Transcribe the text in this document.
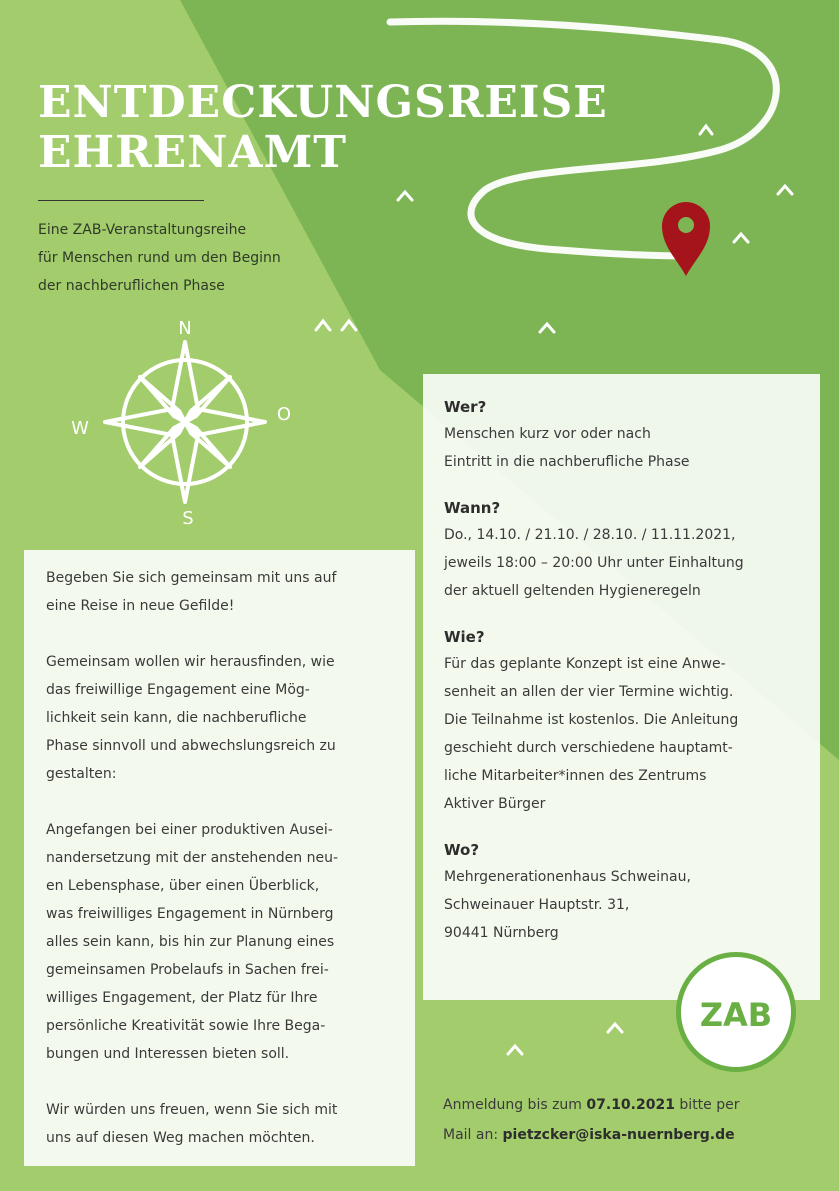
ENTDECKUNGSREISE
EHRENAMT

Eine ZAB-Veranstaltungsreihe
für Menschen rund um den Beginn
der nachberuflichen Phase

N
O
S
W

Begeben Sie sich gemeinsam mit uns auf
eine Reise in neue Gefilde!

Gemeinsam wollen wir herausfinden, wie
das freiwillige Engagement eine Mög-
lichkeit sein kann, die nachberufliche
Phase sinnvoll und abwechslungsreich zu
gestalten:

Angefangen bei einer produktiven Ausei-
nandersetzung mit der anstehenden neu-
en Lebensphase, über einen Überblick,
was freiwilliges Engagement in Nürnberg
alles sein kann, bis hin zur Planung eines
gemeinsamen Probelaufs in Sachen frei-
williges Engagement, der Platz für Ihre
persönliche Kreativität sowie Ihre Bega-
bungen und Interessen bieten soll.

Wir würden uns freuen, wenn Sie sich mit
uns auf diesen Weg machen möchten.

Wer?
Menschen kurz vor oder nach
Eintritt in die nachberufliche Phase
Wann?
Do., 14.10. / 21.10. / 28.10. / 11.11.2021,
jeweils 18:00 – 20:00 Uhr unter Einhaltung
der aktuell geltenden Hygieneregeln
Wie?
Für das geplante Konzept ist eine Anwe-
senheit an allen der vier Termine wichtig.
Die Teilnahme ist kostenlos. Die Anleitung
geschieht durch verschiedene hauptamt-
liche Mitarbeiter*innen des Zentrums
Aktiver Bürger
Wo?
Mehrgenerationenhaus Schweinau,
Schweinauer Hauptstr. 31,
90441 Nürnberg
ZAB
Anmeldung bis zum 07.10.2021 bitte per
Mail an: pietzcker@iska-nuernberg.de
